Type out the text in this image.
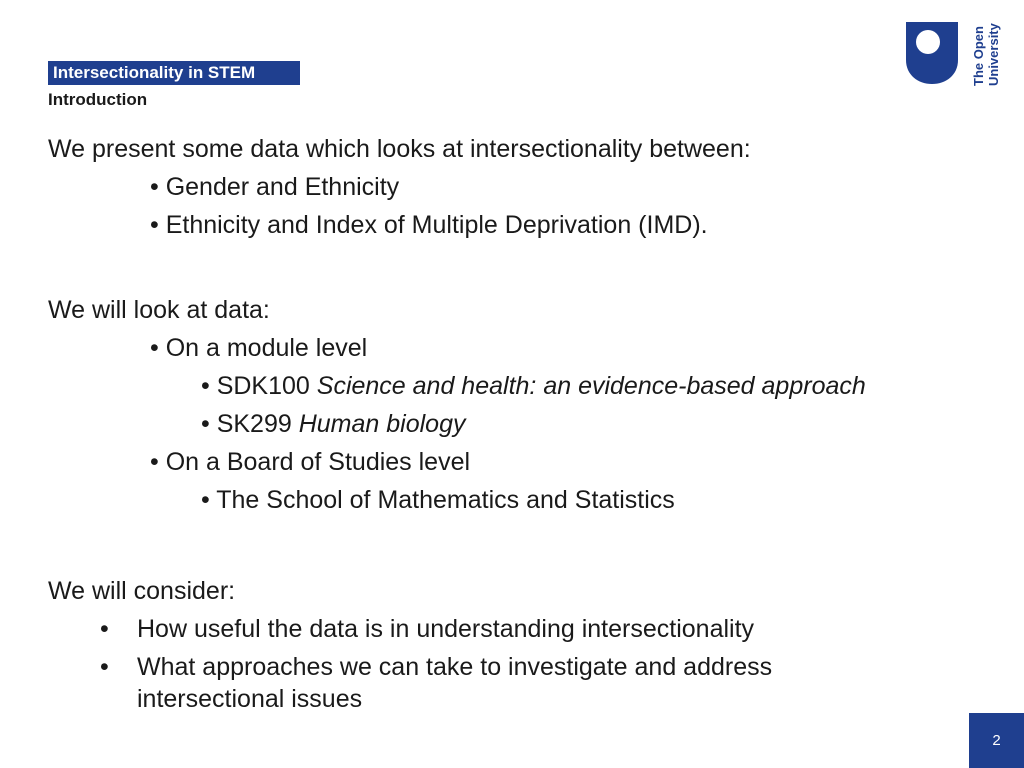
Intersectionality in STEM
Introduction
The Open University
We present some data which looks at intersectionality between:
• Gender and Ethnicity
• Ethnicity and Index of Multiple Deprivation (IMD).
We will look at data:
• On a module level
• SDK100 Science and health: an evidence-based approach
• SK299 Human biology
• On a Board of Studies level
• The School of Mathematics and Statistics
We will consider:
•	How useful the data is in understanding intersectionality
•	What approaches we can take to investigate and address intersectional issues
2
